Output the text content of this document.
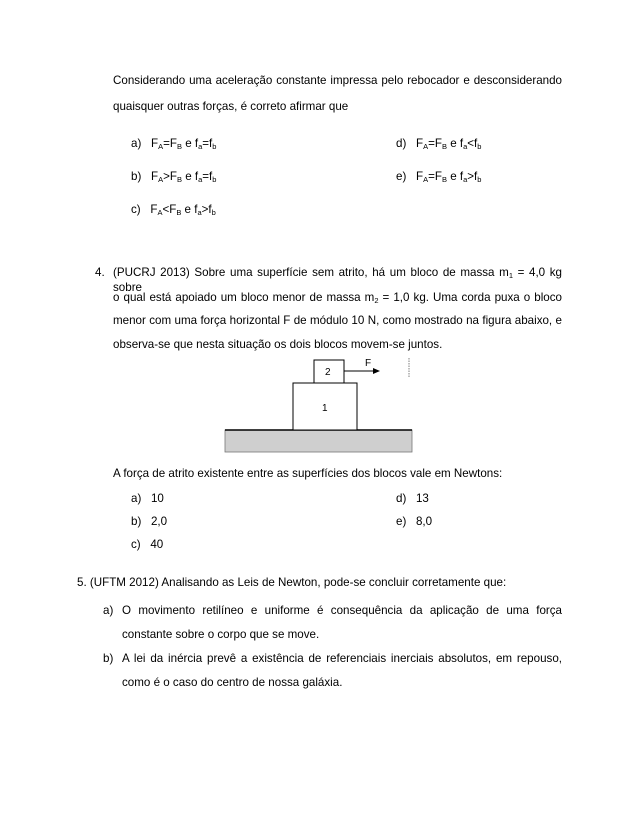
Considerando uma aceleração constante impressa pelo rebocador e desconsiderando
quaisquer outras forças, é correto afirmar que
a) $F_A=F_B$ e $f_a=f_b$
b) $F_A>F_B$ e $f_a=f_b$
c) $F_A<F_B$ e $f_a>f_b$
d) $F_A=F_B$ e $f_a<f_b$
e) $F_A=F_B$ e $f_a>f_b$
4. (PUCRJ 2013) Sobre uma superfície sem atrito, há um bloco de massa $m_1 = 4,0$ kg sobre
o qual está apoiado um bloco menor de massa $m_2 = 1,0$ kg. Uma corda puxa o bloco
menor com uma força horizontal F de módulo 10 N, como mostrado na figura abaixo, e
observa-se que nesta situação os dois blocos movem-se juntos.
2
1
F
A força de atrito existente entre as superfícies dos blocos vale em Newtons:
a) 10
b) 2,0
c) 40
d) 13
e) 8,0
5. (UFTM 2012) Analisando as Leis de Newton, pode-se concluir corretamente que:
a) O movimento retilíneo e uniforme é consequência da aplicação de uma força
constante sobre o corpo que se move.
b) A lei da inércia prevê a existência de referenciais inerciais absolutos, em repouso,
como é o caso do centro de nossa galáxia.
